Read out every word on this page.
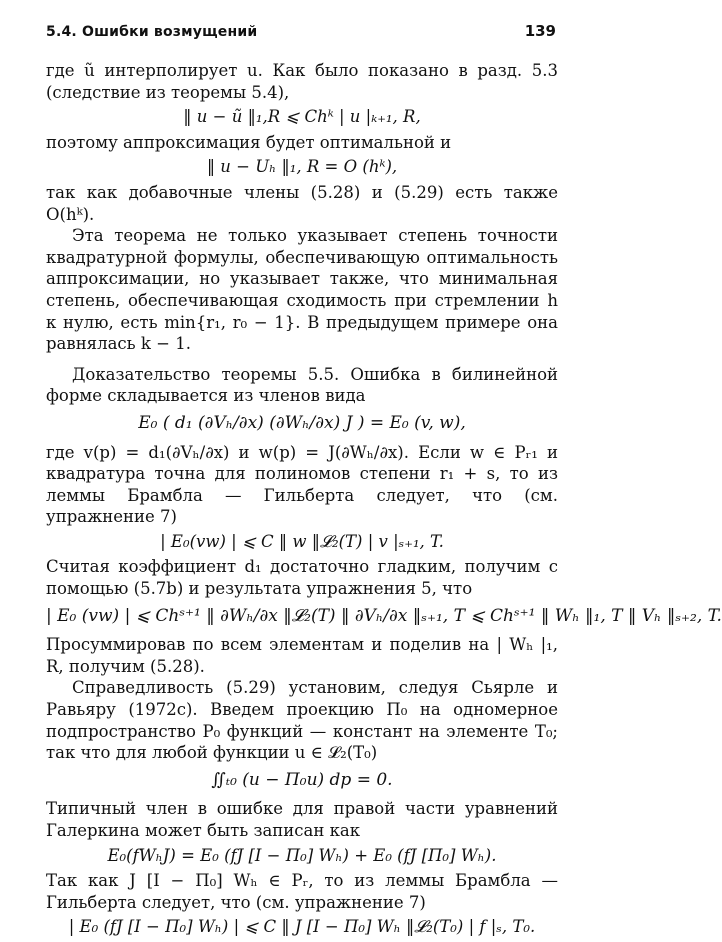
5.4. Ошибки возмущений	139

где ũ интерполирует u. Как было показано в разд. 5.3 (следствие из теоремы 5.4),

‖ u − ũ ‖₁,R ⩽ Chᵏ | u |ₖ₊₁, R,

поэтому аппроксимация будет оптимальной и

‖ u − Uₕ ‖₁, R = O (hᵏ),

так как добавочные члены (5.28) и (5.29) есть также O(hᵏ).

Эта теорема не только указывает степень точности квадратурной формулы, обеспечивающую оптимальность аппроксимации, но указывает также, что минимальная степень, обеспечивающая сходимость при стремлении h к нулю, есть min{r₁, r₀ − 1}. В предыдущем примере она равнялась k − 1.

Доказательство теоремы 5.5. Ошибка в билинейной форме складывается из членов вида

E₀ ( d₁ (∂Vₕ/∂x) (∂Wₕ/∂x) J ) = E₀ (v, w),

где v(p) = d₁(∂Vₕ/∂x) и w(p) = J(∂Wₕ/∂x). Если w ∈ Pᵣ₁ и квадратура точна для полиномов степени r₁ + s, то из леммы Брамбла — Гильберта следует, что (см. упражнение 7)

| E₀(vw) | ⩽ C ‖ w ‖𝓛₂(T) | v |ₛ₊₁, T.

Считая коэффициент d₁ достаточно гладким, получим с помощью (5.7b) и результата упражнения 5, что

| E₀ (vw) | ⩽ Chˢ⁺¹ ‖ ∂Wₕ/∂x ‖𝓛₂(T) ‖ ∂Vₕ/∂x ‖ₛ₊₁, T ⩽ Chˢ⁺¹ ‖ Wₕ ‖₁, T ‖ Vₕ ‖ₛ₊₂, T.

Просуммировав по всем элементам и поделив на | Wₕ |₁, R, получим (5.28).

Справедливость (5.29) установим, следуя Сьярле и Равьяру (1972c). Введем проекцию Π₀ на одномерное подпространство P₀ функций — констант на элементе T₀; так что для любой функции u ∈ 𝓛₂(T₀)

∬ₜ₀ (u − Π₀u) dp = 0.

Типичный член в ошибке для правой части уравнений Галеркина может быть записан как

E₀(fWₕJ) = E₀ (fJ [I − Π₀] Wₕ) + E₀ (fJ [Π₀] Wₕ).

Так как J [I − Π₀] Wₕ ∈ Pᵣ, то из леммы Брамбла — Гильберта следует, что (см. упражнение 7)

| E₀ (fJ [I − Π₀] Wₕ) | ⩽ C ‖ J [I − Π₀] Wₕ ‖𝓛₂(T₀) | f |ₛ, T₀.
